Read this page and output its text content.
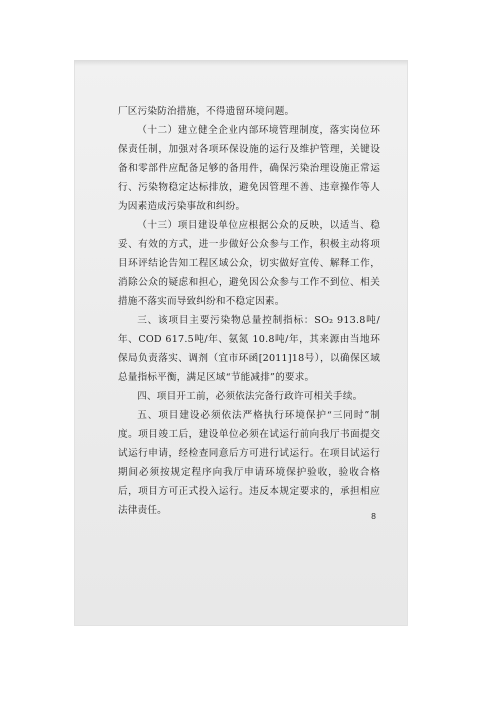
厂区污染防治措施，不得遗留环境问题。

（十二）建立健全企业内部环境管理制度，落实岗位环保责任制，加强对各项环保设施的运行及维护管理，关键设备和零部件应配备足够的备用件，确保污染治理设施正常运行、污染物稳定达标排放，避免因管理不善、违章操作等人为因素造成污染事故和纠纷。

（十三）项目建设单位应根据公众的反映，以适当、稳妥、有效的方式，进一步做好公众参与工作，积极主动将项目环评结论告知工程区域公众，切实做好宣传、解释工作，消除公众的疑虑和担心，避免因公众参与工作不到位、相关措施不落实而导致纠纷和不稳定因素。

三、该项目主要污染物总量控制指标：SO₂ 913.8吨/年、COD 617.5吨/年、氨氮 10.8吨/年，其来源由当地环保局负责落实、调剂（宜市环函[2011]18号），以确保区域总量指标平衡，满足区域“节能减排”的要求。

四、项目开工前，必须依法完备行政许可相关手续。

五、项目建设必须依法严格执行环境保护“三同时”制度。项目竣工后，建设单位必须在试运行前向我厅书面提交试运行申请，经检查同意后方可进行试运行。在项目试运行期间必须按规定程序向我厅申请环境保护验收，验收合格后，项目方可正式投入运行。违反本规定要求的，承担相应法律责任。

8
